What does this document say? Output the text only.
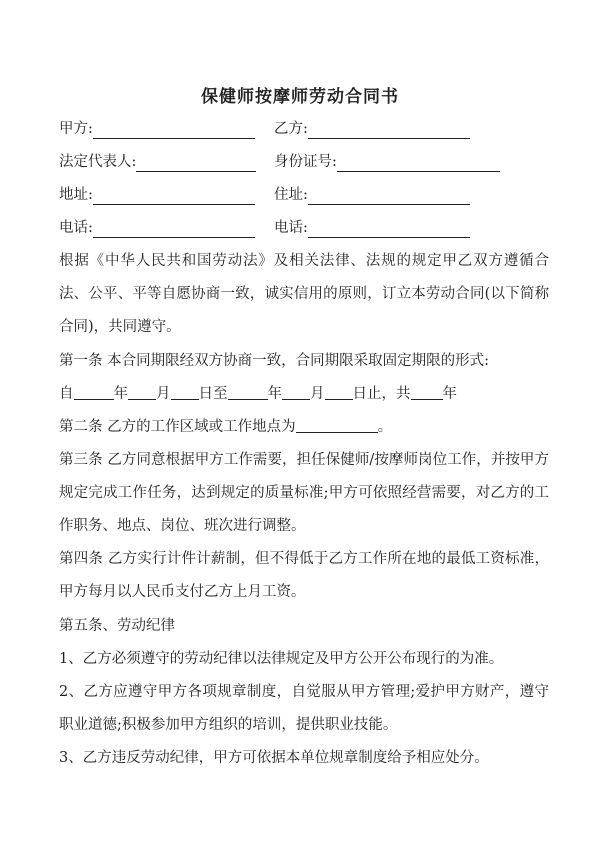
保健师按摩师劳动合同书
甲方:	乙方:
法定代表人:	身份证号:
地址:	住址:
电话:	电话:
根据《中华人民共和国劳动法》及相关法律、法规的规定甲乙双方遵循合法、公平、平等自愿协商一致，诚实信用的原则，订立本劳动合同(以下简称合同)，共同遵守。
第一条 本合同期限经双方协商一致，合同期限采取固定期限的形式:
自	年 月 日至	年 月 日止，共 年
第二条 乙方的工作区域或工作地点为	。
第三条 乙方同意根据甲方工作需要，担任保健师/按摩师岗位工作，并按甲方规定完成工作任务，达到规定的质量标准;甲方可依照经营需要，对乙方的工作职务、地点、岗位、班次进行调整。
第四条 乙方实行计件计薪制，但不得低于乙方工作所在地的最低工资标准，甲方每月以人民币支付乙方上月工资。
第五条、劳动纪律
1、乙方必须遵守的劳动纪律以法律规定及甲方公开公布现行的为准。
2、乙方应遵守甲方各项规章制度，自觉服从甲方管理;爱护甲方财产，遵守职业道德;积极参加甲方组织的培训，提供职业技能。
3、乙方违反劳动纪律，甲方可依据本单位规章制度给予相应处分。
